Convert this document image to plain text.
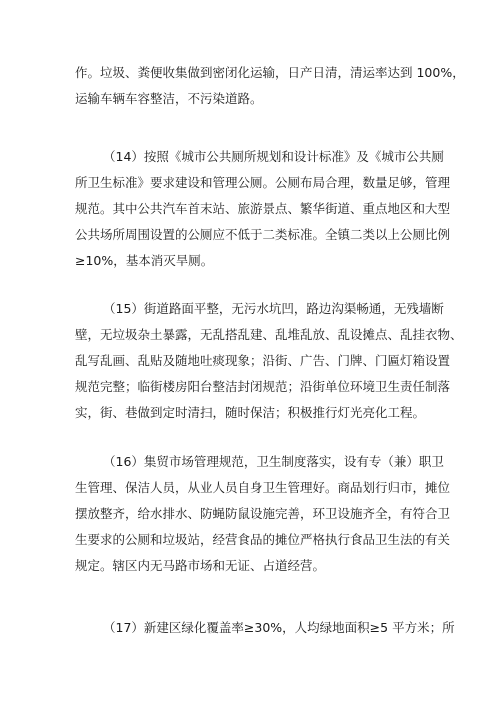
作。垃圾、粪便收集做到密闭化运输，日产日清，清运率达到 100%，
运输车辆车容整洁，不污染道路。
（14）按照《城市公共厕所规划和设计标准》及《城市公共厕
所卫生标准》要求建设和管理公厕。公厕布局合理，数量足够，管理
规范。其中公共汽车首末站、旅游景点、繁华街道、重点地区和大型
公共场所周围设置的公厕应不低于二类标准。全镇二类以上公厕比例
≥10%，基本消灭旱厕。
（15）街道路面平整，无污水坑凹，路边沟渠畅通，无残墙断
壁，无垃圾杂土暴露，无乱搭乱建、乱堆乱放、乱设摊点、乱挂衣物、
乱写乱画、乱贴及随地吐痰现象；沿街、广告、门牌、门匾灯箱设置
规范完整；临街楼房阳台整洁封闭规范；沿街单位环境卫生责任制落
实，街、巷做到定时清扫，随时保洁；积极推行灯光亮化工程。
（16）集贸市场管理规范，卫生制度落实，设有专（兼）职卫
生管理、保洁人员，从业人员自身卫生管理好。商品划行归市，摊位
摆放整齐，给水排水、防蝇防鼠设施完善，环卫设施齐全，有符合卫
生要求的公厕和垃圾站，经营食品的摊位严格执行食品卫生法的有关
规定。辖区内无马路市场和无证、占道经营。
（17）新建区绿化覆盖率≥30%，人均绿地面积≥5 平方米；所
